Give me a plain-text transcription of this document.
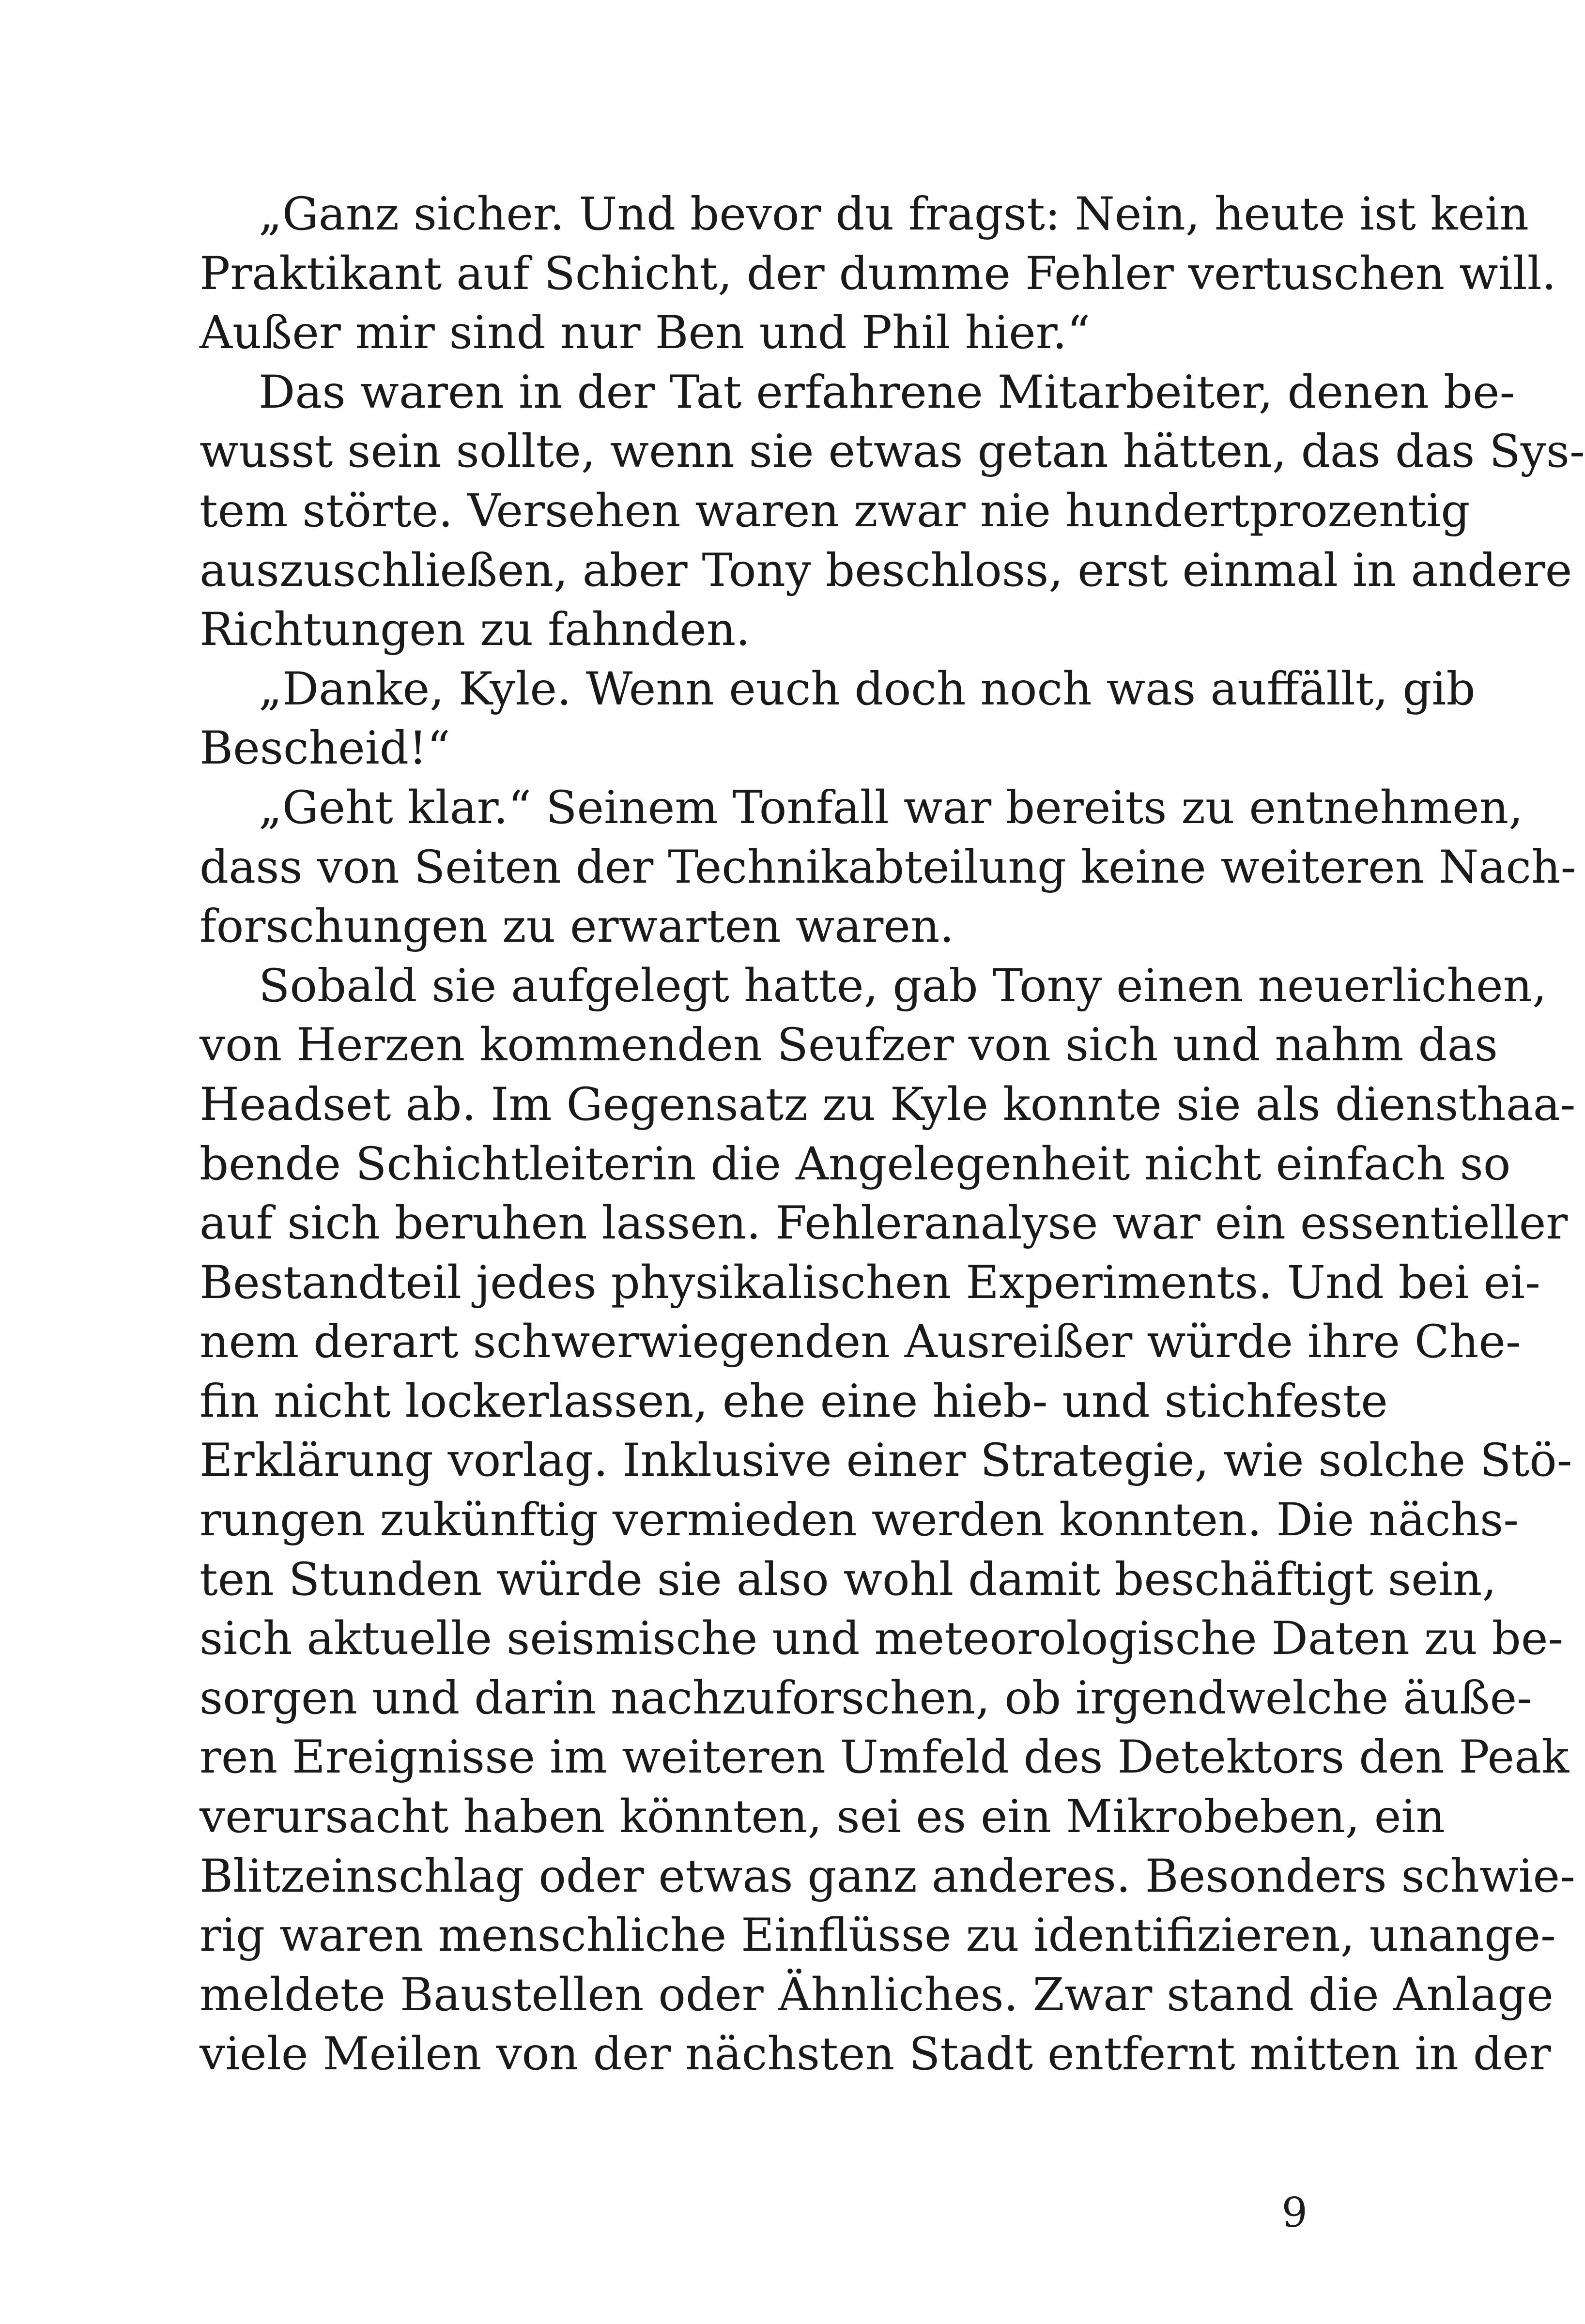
„Ganz sicher. Und bevor du fragst: Nein, heute ist kein
Praktikant auf Schicht, der dumme Fehler vertuschen will.
Außer mir sind nur Ben und Phil hier.“
Das waren in der Tat erfahrene Mitarbeiter, denen be-
wusst sein sollte, wenn sie etwas getan hätten, das das Sys-
tem störte. Versehen waren zwar nie hundertprozentig
auszuschließen, aber Tony beschloss, erst einmal in andere
Richtungen zu fahnden.
„Danke, Kyle. Wenn euch doch noch was auffällt, gib
Bescheid!“
„Geht klar.“ Seinem Tonfall war bereits zu entnehmen,
dass von Seiten der Technikabteilung keine weiteren Nach-
forschungen zu erwarten waren.
Sobald sie aufgelegt hatte, gab Tony einen neuerlichen,
von Herzen kommenden Seufzer von sich und nahm das
Headset ab. Im Gegensatz zu Kyle konnte sie als diensthaa-
bende Schichtleiterin die Angelegenheit nicht einfach so
auf sich beruhen lassen. Fehleranalyse war ein essentieller
Bestandteil jedes physikalischen Experiments. Und bei ei-
nem derart schwerwiegenden Ausreißer würde ihre Che-
fin nicht lockerlassen, ehe eine hieb- und stichfeste
Erklärung vorlag. Inklusive einer Strategie, wie solche Stö-
rungen zukünftig vermieden werden konnten. Die nächs-
ten Stunden würde sie also wohl damit beschäftigt sein,
sich aktuelle seismische und meteorologische Daten zu be-
sorgen und darin nachzuforschen, ob irgendwelche äuße-
ren Ereignisse im weiteren Umfeld des Detektors den Peak
verursacht haben könnten, sei es ein Mikrobeben, ein
Blitzeinschlag oder etwas ganz anderes. Besonders schwie-
rig waren menschliche Einflüsse zu identifizieren, unange-
meldete Baustellen oder Ähnliches. Zwar stand die Anlage
viele Meilen von der nächsten Stadt entfernt mitten in der
9
